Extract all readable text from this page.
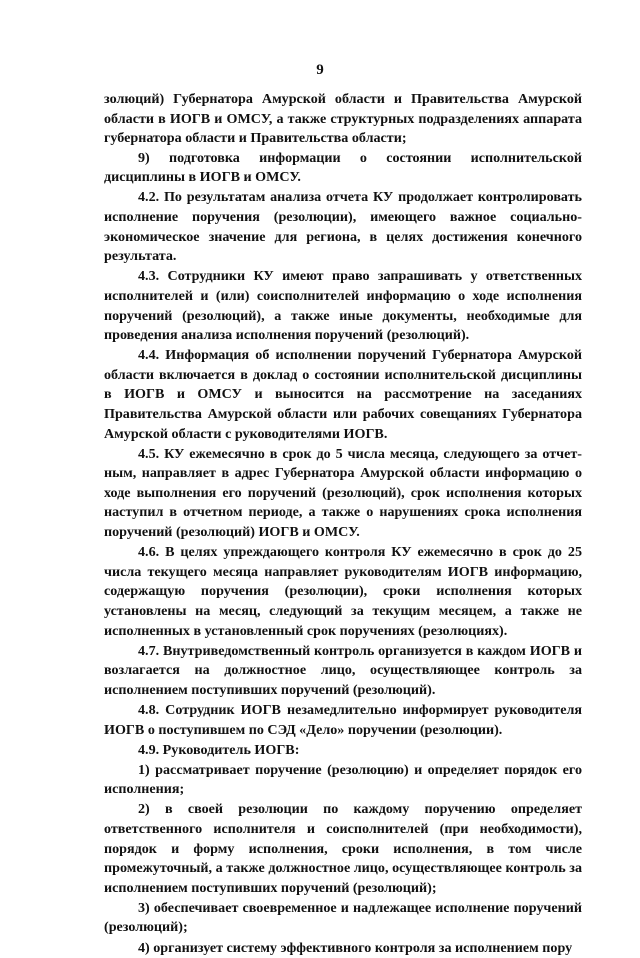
9

золюций) Губернатора Амурской области и Правительства Амурской области в ИОГВ и ОМСУ, а также структурных подразделениях аппарата губернатора области и Правительства области;

9) подготовка информации о состоянии исполнительской дисциплины в ИОГВ и ОМСУ.

4.2. По результатам анализа отчета КУ продолжает контролировать исполнение поручения (резолюции), имеющего важное социально-экономическое значение для региона, в целях достижения конечного результата.

4.3. Сотрудники КУ имеют право запрашивать у ответственных исполнителей и (или) соисполнителей информацию о ходе исполнения поручений (резолюций), а также иные документы, необходимые для проведения анализа исполнения поручений (резолюций).

4.4. Информация об исполнении поручений Губернатора Амурской области включается в доклад о состоянии исполнительской дисциплины в ИОГВ и ОМСУ и выносится на рассмотрение на заседаниях Правительства Амурской области или рабочих совещаниях Губернатора Амурской области с руководителями ИОГВ.

4.5. КУ ежемесячно в срок до 5 числа месяца, следующего за отчетным, направляет в адрес Губернатора Амурской области информацию о ходе выполнения его поручений (резолюций), срок исполнения которых наступил в отчетном периоде, а также о нарушениях срока исполнения поручений (резолюций) ИОГВ и ОМСУ.

4.6. В целях упреждающего контроля КУ ежемесячно в срок до 25 числа текущего месяца направляет руководителям ИОГВ информацию, содержащую поручения (резолюции), сроки исполнения которых установлены на месяц, следующий за текущим месяцем, а также не исполненных в установленный срок поручениях (резолюциях).

4.7. Внутриведомственный контроль организуется в каждом ИОГВ и возлагается на должностное лицо, осуществляющее контроль за исполнением поступивших поручений (резолюций).

4.8. Сотрудник ИОГВ незамедлительно информирует руководителя ИОГВ о поступившем по СЭД «Дело» поручении (резолюции).

4.9. Руководитель ИОГВ:

1) рассматривает поручение (резолюцию) и определяет порядок его исполнения;

2) в своей резолюции по каждому поручению определяет ответственного исполнителя и соисполнителей (при необходимости), порядок и форму исполнения, сроки исполнения, в том числе промежуточный, а также должностное лицо, осуществляющее контроль за исполнением поступивших поручений (резолюций);

3) обеспечивает своевременное и надлежащее исполнение поручений (резолюций);

4) организует систему эффективного контроля за исполнением пору
